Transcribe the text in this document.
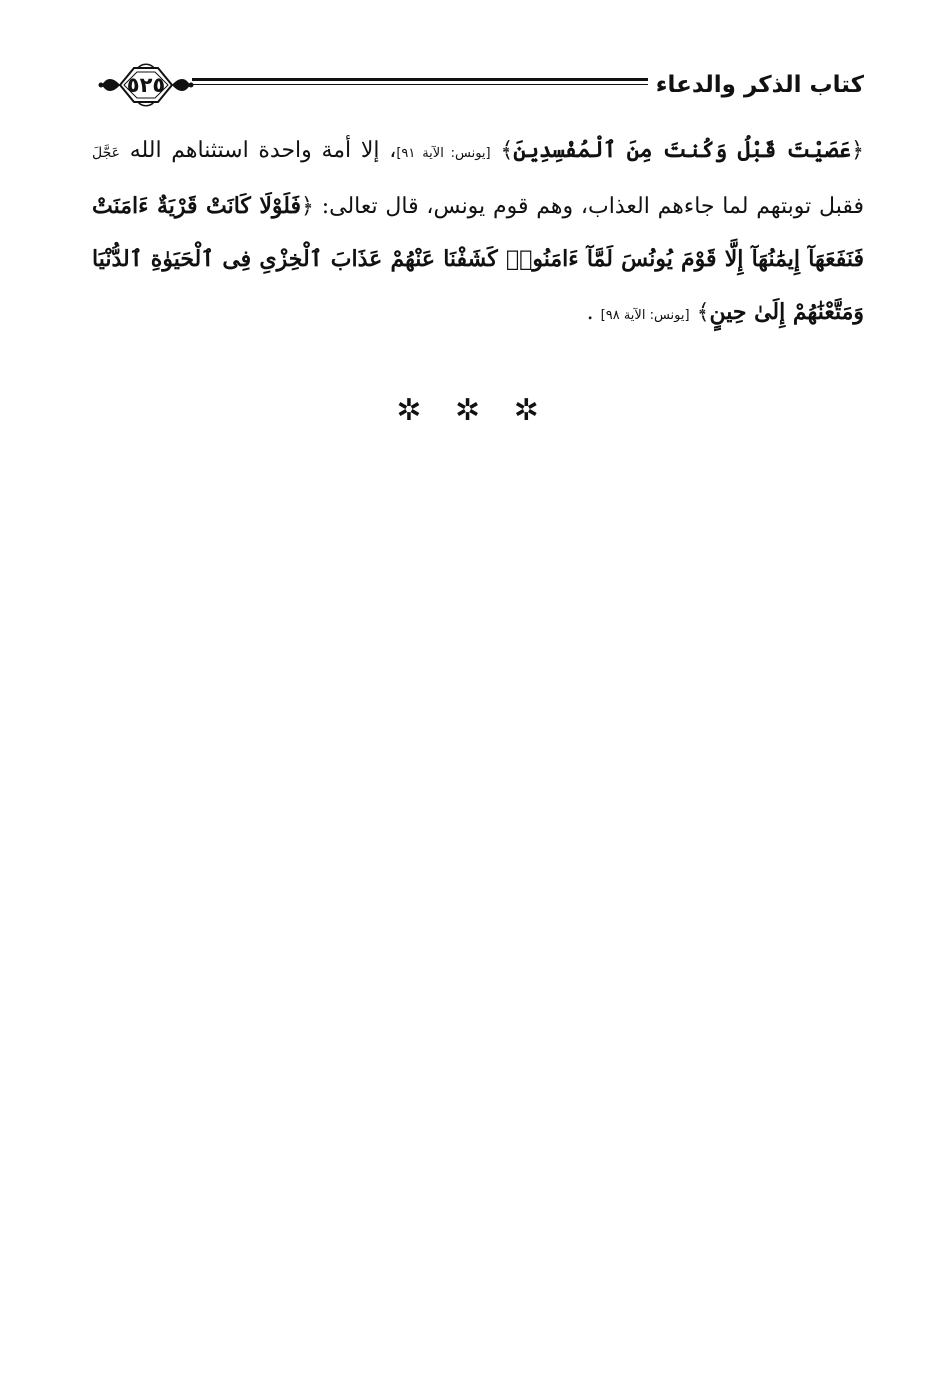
٥٢٥	كتاب الذكر والدعاء
﴿عَصَيْتَ قَبْلُ وَكُنتَ مِنَ ٱلْمُفْسِدِينَ﴾ [يونس: الآية ٩١]، إلا أمة واحدة استثناهم الله عَجَّلَ فقبل توبتهم لما جاءهم العذاب، وهم قوم يونس، قال تعالى: ﴿فَلَوْلَا كَانَتْ قَرْيَةٌ ءَامَنَتْ فَنَفَعَهَآ إِيمَٰنُهَآ إِلَّا قَوْمَ يُونُسَ لَمَّآ ءَامَنُوا۟ كَشَفْنَا عَنْهُمْ عَذَابَ ٱلْخِزْىِ فِى ٱلْحَيَوٰةِ ٱلدُّنْيَا وَمَتَّعْنَٰهُمْ إِلَىٰ حِينٍ﴾ [يونس: الآية ٩٨] .
✲ ✲ ✲
